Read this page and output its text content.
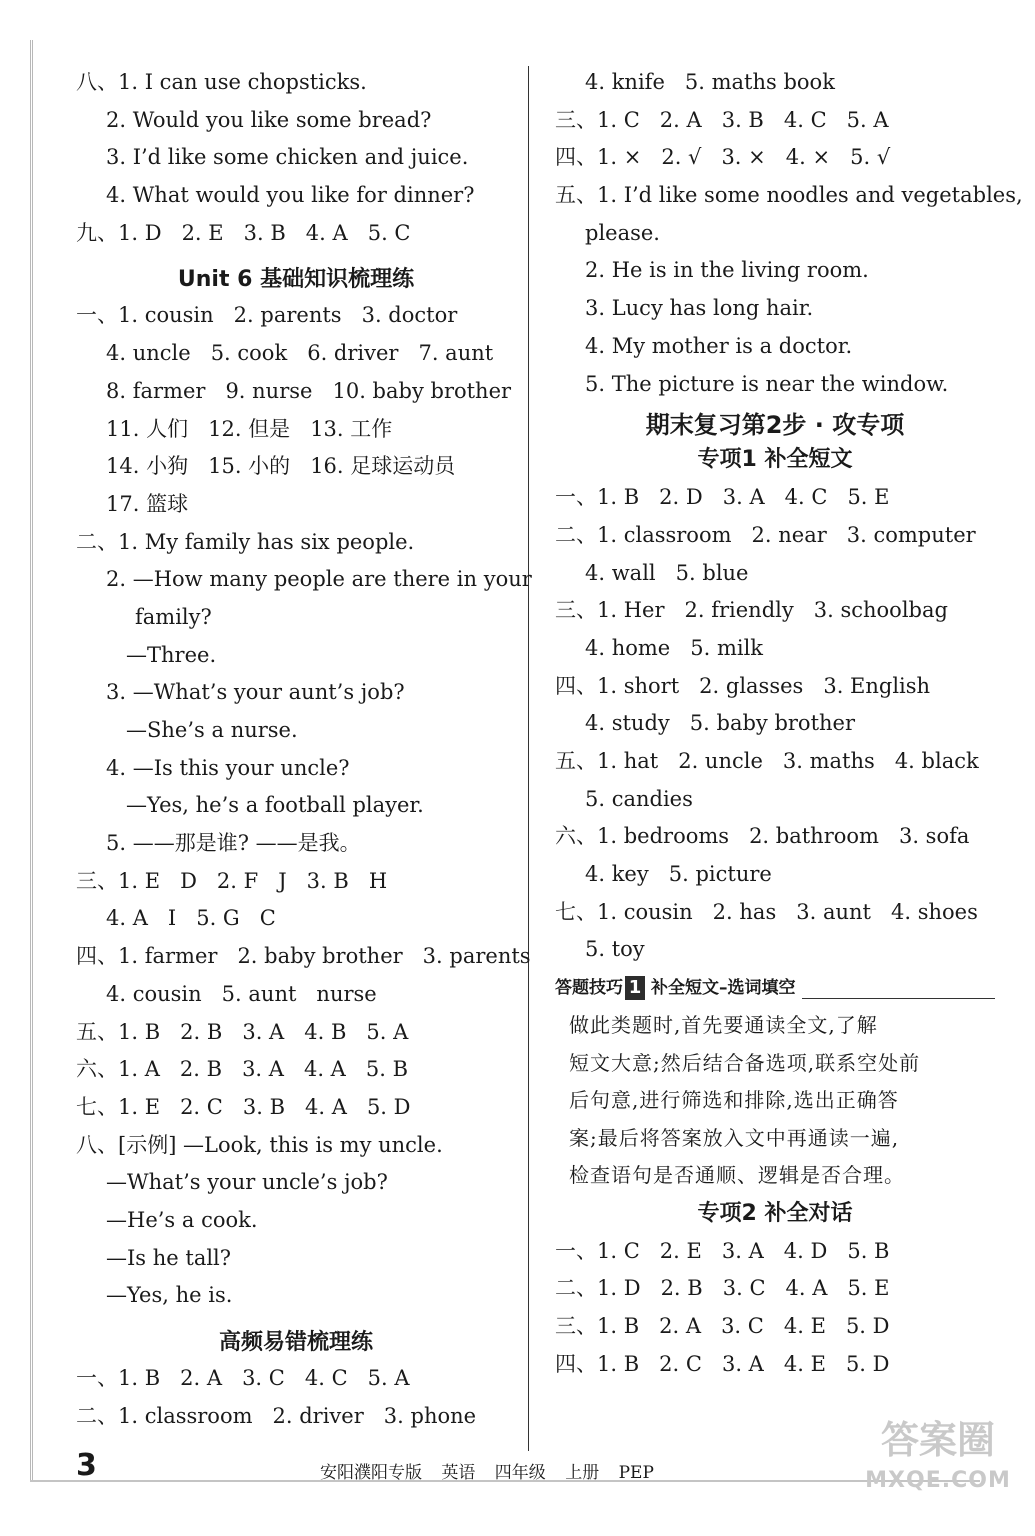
八、1. I can use chopsticks.
2. Would you like some bread?
3. I’d like some chicken and juice.
4. What would you like for dinner?
九、1. D   2. E   3. B   4. A   5. C
Unit 6 基础知识梳理练
一、1. cousin   2. parents   3. doctor
4. uncle   5. cook   6. driver   7. aunt
8. farmer   9. nurse   10. baby brother
11. 人们   12. 但是   13. 工作
14. 小狗   15. 小的   16. 足球运动员
17. 篮球
二、1. My family has six people.
2. —How many people are there in your
family?
—Three.
3. —What’s your aunt’s job?
—She’s a nurse.
4. —Is this your uncle?
—Yes, he’s a football player.
5. ——那是谁? ——是我。
三、1. E   D   2. F   J   3. B   H
4. A   I   5. G   C
四、1. farmer   2. baby brother   3. parents
4. cousin   5. aunt   nurse
五、1. B   2. B   3. A   4. B   5. A
六、1. A   2. B   3. A   4. A   5. B
七、1. E   2. C   3. B   4. A   5. D
八、[示例] —Look, this is my uncle.
—What’s your uncle’s job?
—He’s a cook.
—Is he tall?
—Yes, he is.
高频易错梳理练
一、1. B   2. A   3. C   4. C   5. A
二、1. classroom   2. driver   3. phone
4. knife   5. maths book
三、1. C   2. A   3. B   4. C   5. A
四、1. ×   2. √   3. ×   4. ×   5. √
五、1. I’d like some noodles and vegetables,
please.
2. He is in the living room.
3. Lucy has long hair.
4. My mother is a doctor.
5. The picture is near the window.
期末复习第2步 · 攻专项
专项1 补全短文
一、1. B   2. D   3. A   4. C   5. E
二、1. classroom   2. near   3. computer
4. wall   5. blue
三、1. Her   2. friendly   3. schoolbag
4. home   5. milk
四、1. short   2. glasses   3. English
4. study   5. baby brother
五、1. hat   2. uncle   3. maths   4. black
5. candies
六、1. bedrooms   2. bathroom   3. sofa
4. key   5. picture
七、1. cousin   2. has   3. aunt   4. shoes
5. toy
答题技巧 1 补全短文–选词填空
做此类题时,首先要通读全文,了解
短文大意;然后结合备选项,联系空处前
后句意,进行筛选和排除,选出正确答
案;最后将答案放入文中再通读一遍,
检查语句是否通顺、逻辑是否合理。
专项2 补全对话
一、1. C   2. E   3. A   4. D   5. B
二、1. D   2. B   3. C   4. A   5. E
三、1. B   2. A   3. C   4. E   5. D
四、1. B   2. C   3. A   4. E   5. D
3	安阳濮阳专版 英语 四年级 上册 PEP
答案圈
MXQE.COM
